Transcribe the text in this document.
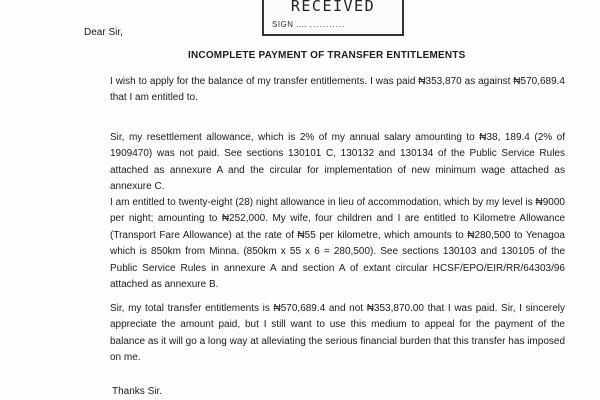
RECEIVED
SIGN .... ...........
Dear Sir,
INCOMPLETE PAYMENT OF TRANSFER ENTITLEMENTS

I wish to apply for the balance of my transfer entitlements. I was paid ₦353,870 as against ₦570,689.4 that I am entitled to.

Sir, my resettlement allowance, which is 2% of my annual salary amounting to ₦38, 189.4 (2% of 1909470) was not paid. See sections 130101 C, 130132 and 130134 of the Public Service Rules attached as annexure A and the circular for implementation of new minimum wage attached as annexure C.

I am entitled to twenty-eight (28) night allowance in lieu of accommodation, which by my level is ₦9000 per night; amounting to ₦252,000. My wife, four children and I are entitled to Kilometre Allowance (Transport Fare Allowance) at the rate of ₦55 per kilometre, which amounts to ₦280,500 to Yenagoa which is 850km from Minna. (850km x 55 x 6 = 280,500). See sections 130103 and 130105 of the Public Service Rules in annexure A and section A of extant circular HCSF/EPO/EIR/RR/64303/96 attached as annexure B.

Sir, my total transfer entitlements is ₦570,689.4 and not ₦353,870.00 that I was paid. Sir, I sincerely appreciate the amount paid, but I still want to use this medium to appeal for the payment of the balance as it will go a long way at alleviating the serious financial burden that this transfer has imposed on me.

Thanks Sir.
